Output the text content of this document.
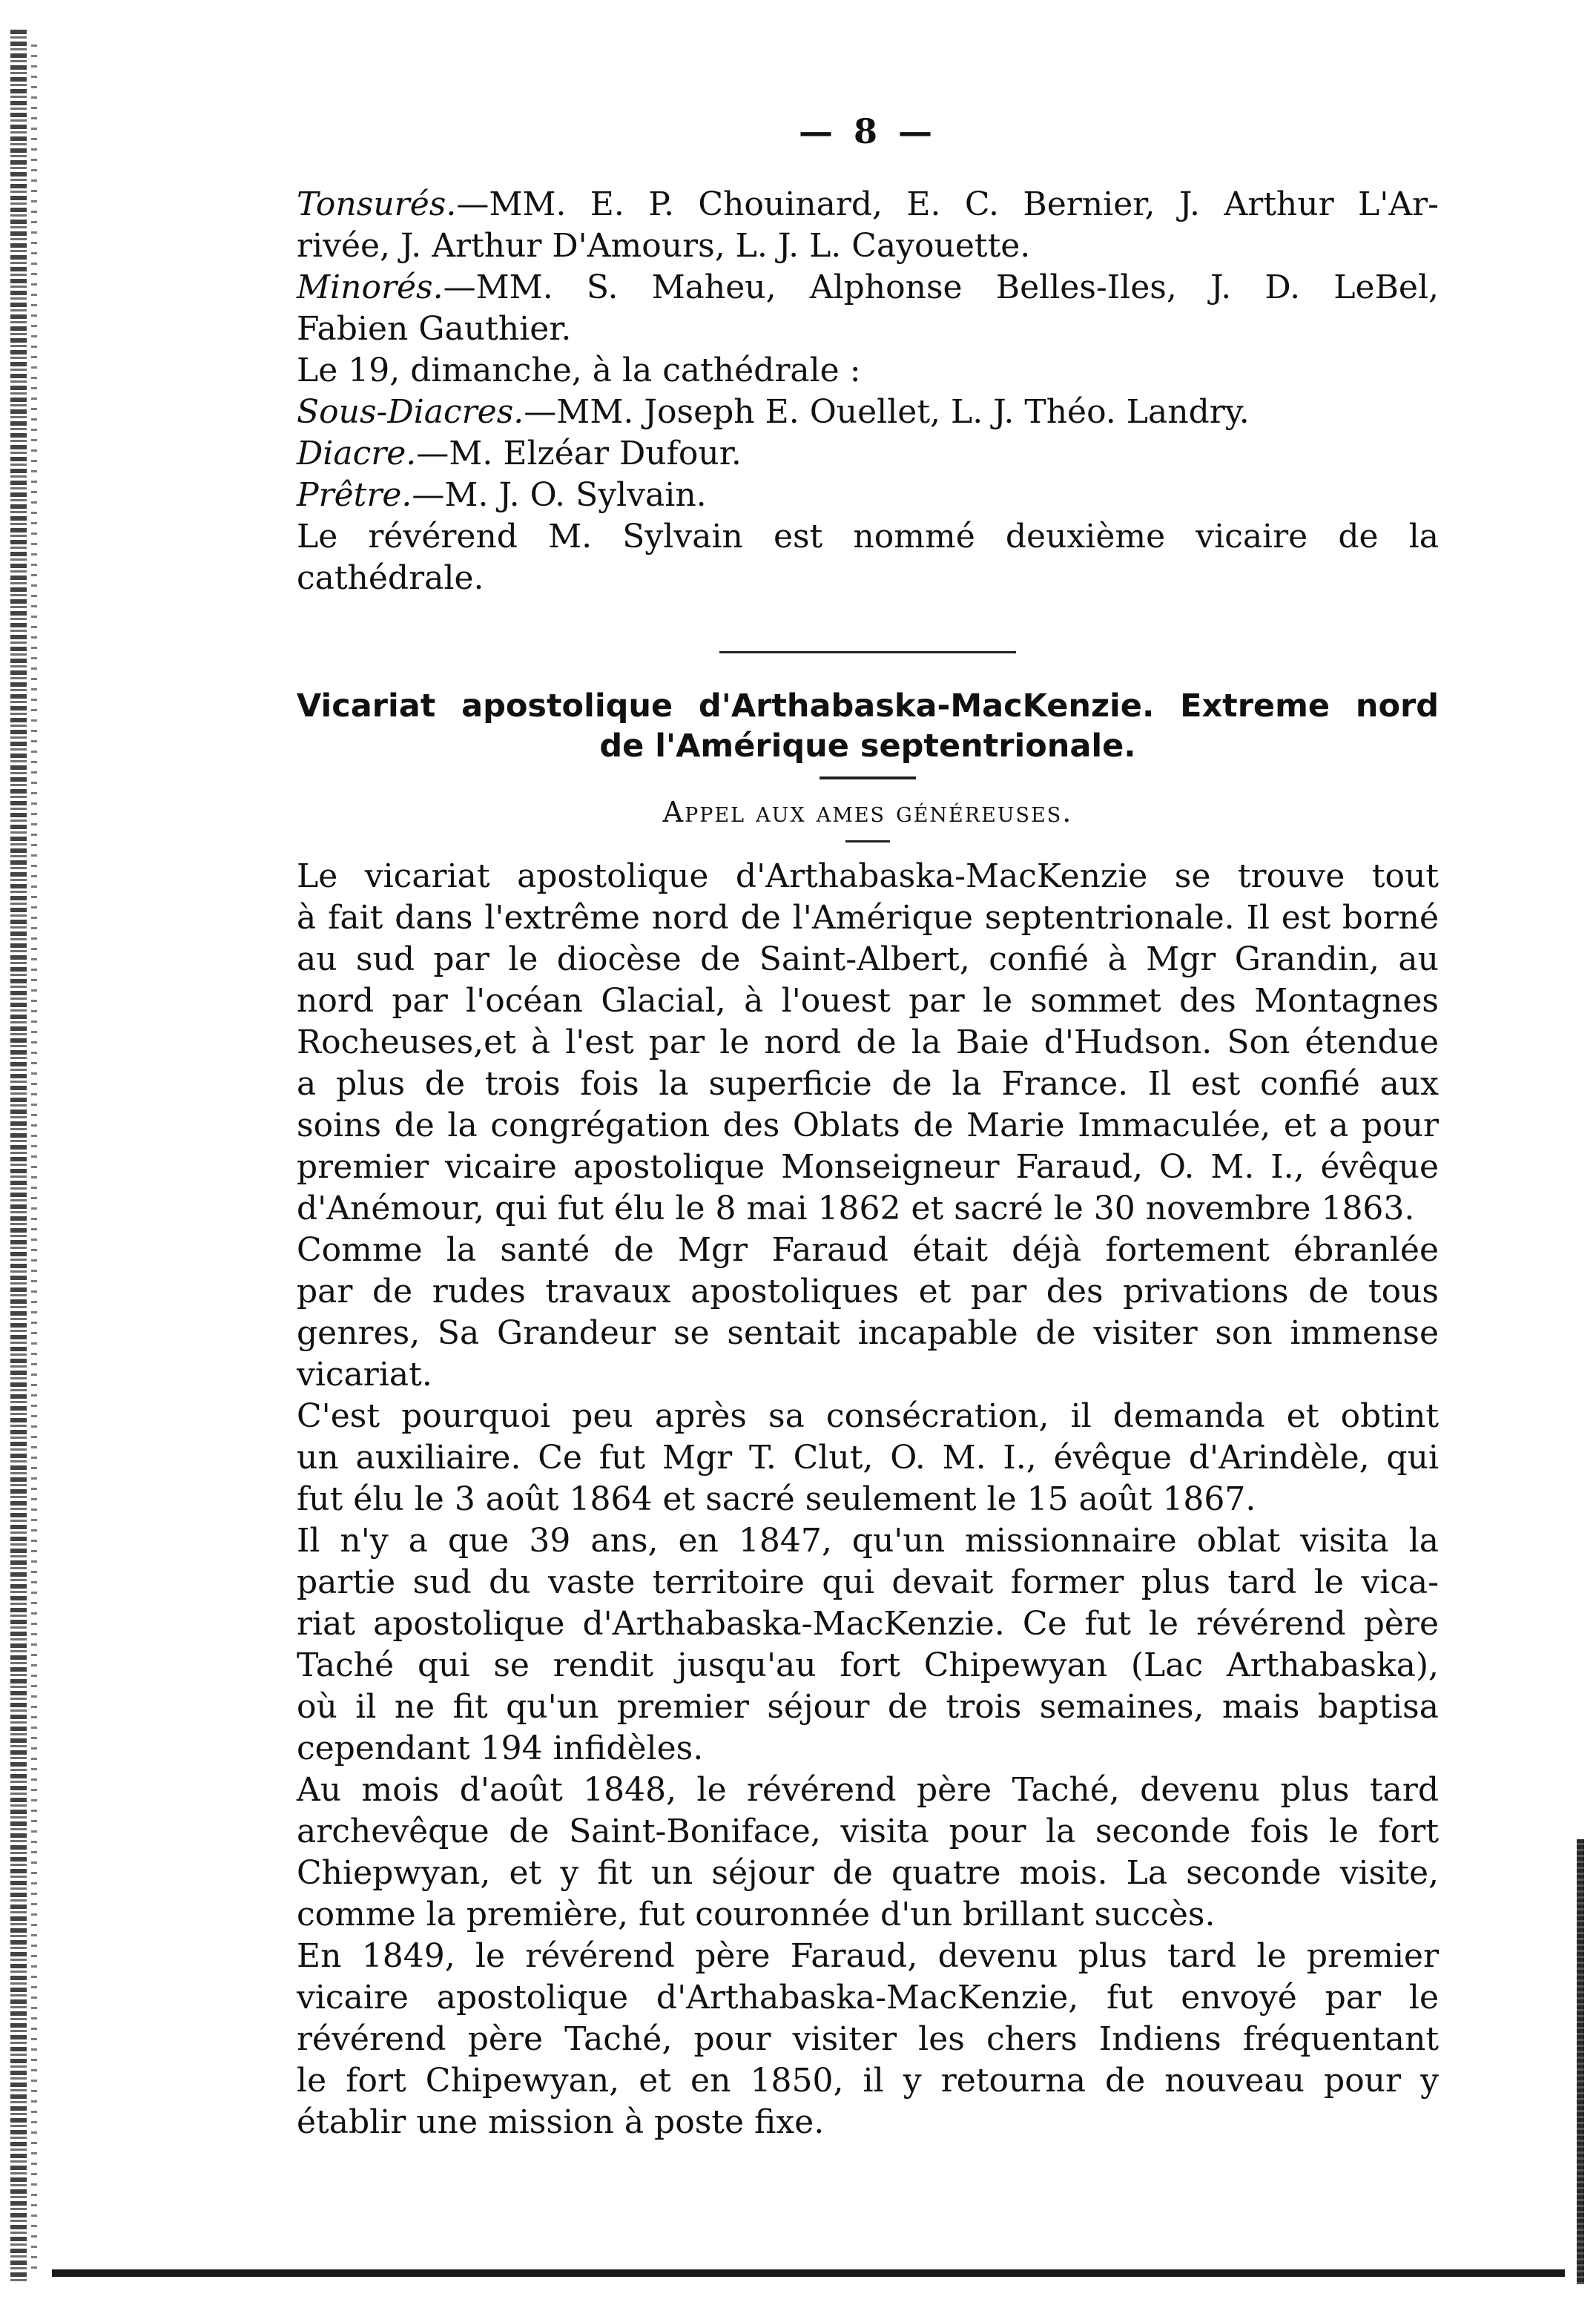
— 8 —
Tonsurés.—MM. E. P. Chouinard, E. C. Bernier, J. Arthur L'Ar-
rivée, J. Arthur D'Amours, L. J. L. Cayouette.
Minorés.—MM. S. Maheu, Alphonse Belles-Iles, J. D. LeBel,
Fabien Gauthier.
Le 19, dimanche, à la cathédrale :
Sous-Diacres.—MM. Joseph E. Ouellet, L. J. Théo. Landry.
Diacre.—M. Elzéar Dufour.
Prêtre.—M. J. O. Sylvain.
Le révérend M. Sylvain est nommé deuxième vicaire de la
cathédrale.
Vicariat apostolique d'Arthabaska-MacKenzie. Extreme nord
de l'Amérique septentrionale.
Appel aux ames généreuses.
Le vicariat apostolique d'Arthabaska-MacKenzie se trouve tout
à fait dans l'extrême nord de l'Amérique septentrionale. Il est borné
au sud par le diocèse de Saint-Albert, confié à Mgr Grandin, au
nord par l'océan Glacial, à l'ouest par le sommet des Montagnes
Rocheuses,et à l'est par le nord de la Baie d'Hudson. Son étendue
a plus de trois fois la superficie de la France. Il est confié aux
soins de la congrégation des Oblats de Marie Immaculée, et a pour
premier vicaire apostolique Monseigneur Faraud, O. M. I., évêque
d'Anémour, qui fut élu le 8 mai 1862 et sacré le 30 novembre 1863.
Comme la santé de Mgr Faraud était déjà fortement ébranlée
par de rudes travaux apostoliques et par des privations de tous
genres, Sa Grandeur se sentait incapable de visiter son immense
vicariat.
C'est pourquoi peu après sa consécration, il demanda et obtint
un auxiliaire. Ce fut Mgr T. Clut, O. M. I., évêque d'Arindèle, qui
fut élu le 3 août 1864 et sacré seulement le 15 août 1867.
Il n'y a que 39 ans, en 1847, qu'un missionnaire oblat visita la
partie sud du vaste territoire qui devait former plus tard le vica-
riat apostolique d'Arthabaska-MacKenzie. Ce fut le révérend père
Taché qui se rendit jusqu'au fort Chipewyan (Lac Arthabaska),
où il ne fit qu'un premier séjour de trois semaines, mais baptisa
cependant 194 infidèles.
Au mois d'août 1848, le révérend père Taché, devenu plus tard
archevêque de Saint-Boniface, visita pour la seconde fois le fort
Chiepwyan, et y fit un séjour de quatre mois. La seconde visite,
comme la première, fut couronnée d'un brillant succès.
En 1849, le révérend père Faraud, devenu plus tard le premier
vicaire apostolique d'Arthabaska-MacKenzie, fut envoyé par le
révérend père Taché, pour visiter les chers Indiens fréquentant
le fort Chipewyan, et en 1850, il y retourna de nouveau pour y
établir une mission à poste fixe.
